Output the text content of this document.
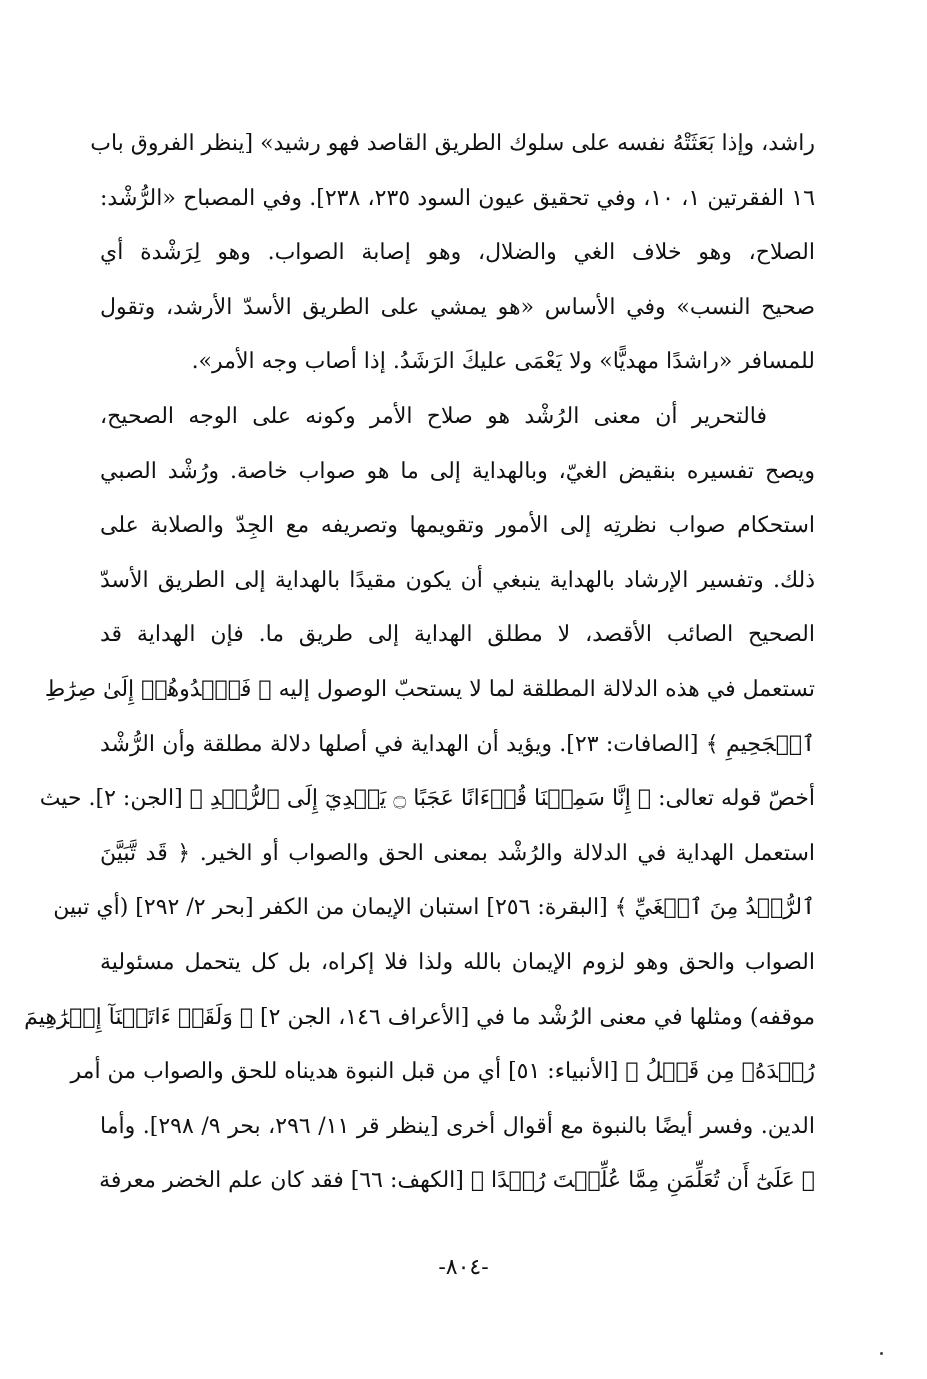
راشد، وإذا بَعَثَتْهُ نفسه على سلوك الطريق القاصد فهو رشيد» [ينظر الفروق باب
١٦ الفقرتين ١، ١٠، وفي تحقيق عيون السود ٢٣٥، ٢٣٨]. وفي المصباح «الرُّشْد:
الصلاح، وهو خلاف الغي والضلال، وهو إصابة الصواب. وهو لِرَشْدة أي
صحيح النسب» وفي الأساس «هو يمشي على الطريق الأسدّ الأرشد، وتقول
للمسافر «راشدًا مهديًّا» ولا يَعْمَى عليكَ الرَشَدُ. إذا أصاب وجه الأمر».
فالتحرير أن معنى الرُشْد هو صلاح الأمر وكونه على الوجه الصحيح،
ويصح تفسيره بنقيض الغيّ، وبالهداية إلى ما هو صواب خاصة. ورُشْد الصبي
استحكام صواب نظرتِه إلى الأمور وتقويمها وتصريفه مع الجِدّ والصلابة على
ذلك. وتفسير الإرشاد بالهداية ينبغي أن يكون مقيدًا بالهداية إلى الطريق الأسدّ
الصحيح الصائب الأقصد، لا مطلق الهداية إلى طريق ما. فإن الهداية قد
تستعمل في هذه الدلالة المطلقة لما لا يستحبّ الوصول إليه ﴿ فَٱهۡدُوهُمۡ إِلَىٰ صِرَٰطِ
ٱلۡجَحِيمِ ﴾ [الصافات: ٢٣]. ويؤيد أن الهداية في أصلها دلالة مطلقة وأن الرُّشْد
أخصّ قوله تعالى: ﴿ إِنَّا سَمِعۡنَا قُرۡءَانًا عَجَبًا ۝ يَهۡدِيٓ إِلَى ٱلرُّشۡدِ ﴾ [الجن: ٢]. حيث
استعمل الهداية في الدلالة والرُشْد بمعنى الحق والصواب أو الخير. ﴿ قَد تَّبَيَّنَ
ٱلرُّشۡدُ مِنَ ٱلۡغَيِّ ﴾ [البقرة: ٢٥٦] استبان الإيمان من الكفر [بحر ٢/ ٢٩٢] (أي تبين
الصواب والحق وهو لزوم الإيمان بالله ولذا فلا إكراه، بل كل يتحمل مسئولية
موقفه) ومثلها في معنى الرُشْد ما في [الأعراف ١٤٦، الجن ٢] ﴿ وَلَقَدۡ ءَاتَيۡنَآ إِبۡرَٰهِيمَ
رُشۡدَهُۥ مِن قَبۡلُ ﴾ [الأنبياء: ٥١] أي من قبل النبوة هديناه للحق والصواب من أمر
الدين. وفسر أيضًا بالنبوة مع أقوال أخرى [ينظر قر ١١/ ٢٩٦، بحر ٩/ ٢٩٨]. وأما
﴿ عَلَىٰٓ أَن تُعَلِّمَنِ مِمَّا عُلِّمۡتَ رُشۡدًا ﴾ [الكهف: ٦٦] فقد كان علم الخضر معرفة
-٨٠٤-
